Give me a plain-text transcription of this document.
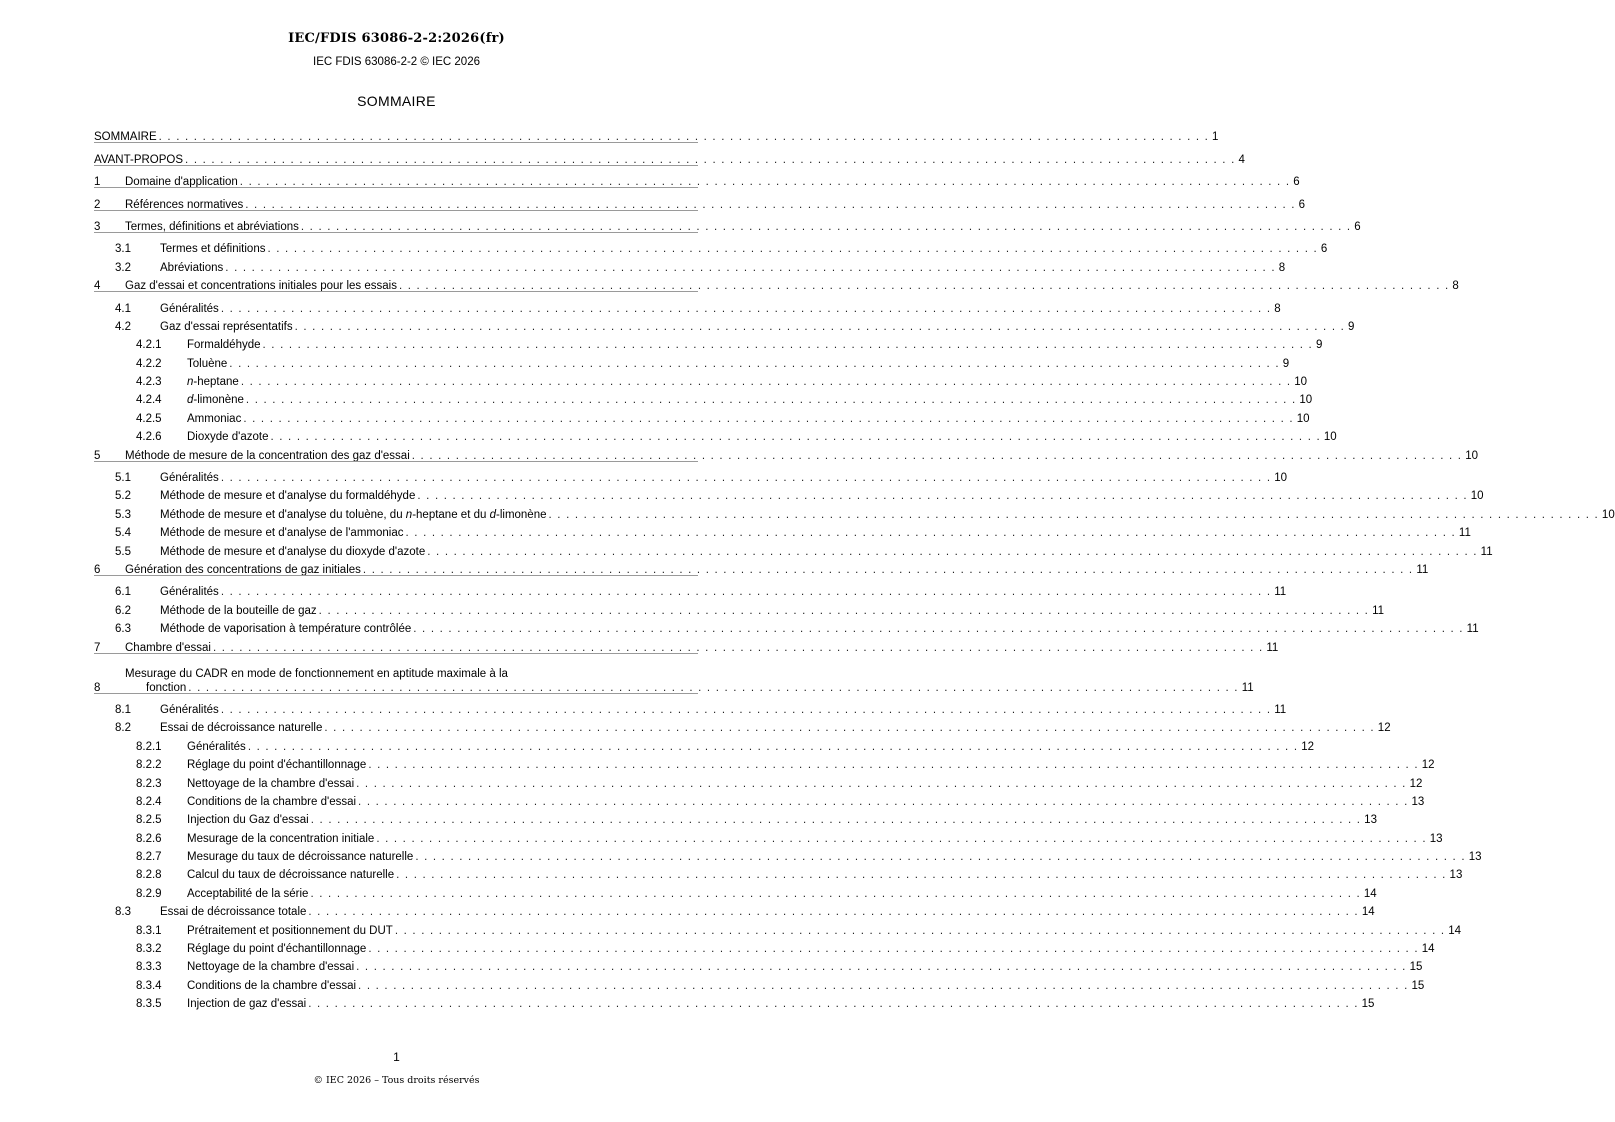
IEC/FDIS 63086-2-2:2026(fr)
IEC FDIS 63086-2-2 © IEC 2026
SOMMAIRE
SOMMAIRE . . . . . . . . . . . . . . . . . . . . . . . . . . . . . . . . . . . . . . . . . . . . . . . . . . . . . . . . . . . . . . . . . . . . . . . . . . . . . . . . . . . . . . . . . . . . . . . . . . . . . . . . . . . . . . . . . . . . . . . . 1
AVANT-PROPOS . . . . . . . . . . . . . . . . . . . . . . . . . . . . . . . . . . . . . . . . . . . . . . . . . . . . . . . . . . . . . . . . . . . . . . . . . . . . . . . . . . . . . . . . . . . . . . . . . . . . . . . . . . . . . . . . . . . . . . . . 4
1	Domaine d'application . . . . . . . . . . . . . . . . . . . . . . . . . . . . . . . . . . . . . . . . . . . . . . . . . . . . . . . . . . . . . . . . . . . . . . . . . . . . . . . . . . . . . . . . . . . . . . . . . . . . . . . . . . . . . . . . . . . . . . . . 6
2	Références normatives . . . . . . . . . . . . . . . . . . . . . . . . . . . . . . . . . . . . . . . . . . . . . . . . . . . . . . . . . . . . . . . . . . . . . . . . . . . . . . . . . . . . . . . . . . . . . . . . . . . . . . . . . . . . . . . . . . . . . . . . 6
3	Termes, définitions et abréviations . . . . . . . . . . . . . . . . . . . . . . . . . . . . . . . . . . . . . . . . . . . . . . . . . . . . . . . . . . . . . . . . . . . . . . . . . . . . . . . . . . . . . . . . . . . . . . . . . . . . . . . . . . . . . . . . . . . . . . . . 6
3.1	Termes et définitions . . . . . . . . . . . . . . . . . . . . . . . . . . . . . . . . . . . . . . . . . . . . . . . . . . . . . . . . . . . . . . . . . . . . . . . . . . . . . . . . . . . . . . . . . . . . . . . . . . . . . . . . . . . . . . . . . . . . . . . . 6
3.2	Abréviations . . . . . . . . . . . . . . . . . . . . . . . . . . . . . . . . . . . . . . . . . . . . . . . . . . . . . . . . . . . . . . . . . . . . . . . . . . . . . . . . . . . . . . . . . . . . . . . . . . . . . . . . . . . . . . . . . . . . . . . . 8
4	Gaz d'essai et concentrations initiales pour les essais . . . . . . . . . . . . . . . . . . . . . . . . . . . . . . . . . . . . . . . . . . . . . . . . . . . . . . . . . . . . . . . . . . . . . . . . . . . . . . . . . . . . . . . . . . . . . . . . . . . . . . . . . . . . . . . . . . . . . . . . 8
4.1	Généralités . . . . . . . . . . . . . . . . . . . . . . . . . . . . . . . . . . . . . . . . . . . . . . . . . . . . . . . . . . . . . . . . . . . . . . . . . . . . . . . . . . . . . . . . . . . . . . . . . . . . . . . . . . . . . . . . . . . . . . . . 8
4.2	Gaz d'essai représentatifs . . . . . . . . . . . . . . . . . . . . . . . . . . . . . . . . . . . . . . . . . . . . . . . . . . . . . . . . . . . . . . . . . . . . . . . . . . . . . . . . . . . . . . . . . . . . . . . . . . . . . . . . . . . . . . . . . . . . . . . . 9
4.2.1	Formaldéhyde . . . . . . . . . . . . . . . . . . . . . . . . . . . . . . . . . . . . . . . . . . . . . . . . . . . . . . . . . . . . . . . . . . . . . . . . . . . . . . . . . . . . . . . . . . . . . . . . . . . . . . . . . . . . . . . . . . . . . . . . 9
4.2.2	Toluène . . . . . . . . . . . . . . . . . . . . . . . . . . . . . . . . . . . . . . . . . . . . . . . . . . . . . . . . . . . . . . . . . . . . . . . . . . . . . . . . . . . . . . . . . . . . . . . . . . . . . . . . . . . . . . . . . . . . . . . . 9
4.2.3	n-heptane . . . . . . . . . . . . . . . . . . . . . . . . . . . . . . . . . . . . . . . . . . . . . . . . . . . . . . . . . . . . . . . . . . . . . . . . . . . . . . . . . . . . . . . . . . . . . . . . . . . . . . . . . . . . . . . . . . . . . . . . 10
4.2.4	d-limonène . . . . . . . . . . . . . . . . . . . . . . . . . . . . . . . . . . . . . . . . . . . . . . . . . . . . . . . . . . . . . . . . . . . . . . . . . . . . . . . . . . . . . . . . . . . . . . . . . . . . . . . . . . . . . . . . . . . . . . . . 10
4.2.5	Ammoniac . . . . . . . . . . . . . . . . . . . . . . . . . . . . . . . . . . . . . . . . . . . . . . . . . . . . . . . . . . . . . . . . . . . . . . . . . . . . . . . . . . . . . . . . . . . . . . . . . . . . . . . . . . . . . . . . . . . . . . . . 10
4.2.6	Dioxyde d'azote . . . . . . . . . . . . . . . . . . . . . . . . . . . . . . . . . . . . . . . . . . . . . . . . . . . . . . . . . . . . . . . . . . . . . . . . . . . . . . . . . . . . . . . . . . . . . . . . . . . . . . . . . . . . . . . . . . . . . . . . 10
5	Méthode de mesure de la concentration des gaz d'essai . . . . . . . . . . . . . . . . . . . . . . . . . . . . . . . . . . . . . . . . . . . . . . . . . . . . . . . . . . . . . . . . . . . . . . . . . . . . . . . . . . . . . . . . . . . . . . . . . . . . . . . . . . . . . . . . . . . . . . . . 10
5.1	Généralités . . . . . . . . . . . . . . . . . . . . . . . . . . . . . . . . . . . . . . . . . . . . . . . . . . . . . . . . . . . . . . . . . . . . . . . . . . . . . . . . . . . . . . . . . . . . . . . . . . . . . . . . . . . . . . . . . . . . . . . . 10
5.2	Méthode de mesure et d'analyse du formaldéhyde . . . . . . . . . . . . . . . . . . . . . . . . . . . . . . . . . . . . . . . . . . . . . . . . . . . . . . . . . . . . . . . . . . . . . . . . . . . . . . . . . . . . . . . . . . . . . . . . . . . . . . . . . . . . . . . . . . . . . . . . 10
5.3	Méthode de mesure et d'analyse du toluène, du n-heptane et du d-limonène . . . . . . . . . . . . . . . . . . . . . . . . . . . . . . . . . . . . . . . . . . . . . . . . . . . . . . . . . . . . . . . . . . . . . . . . . . . . . . . . . . . . . . . . . . . . . . . . . . . . . . . . . . . . . . . . . . . . . . . . 10
5.4	Méthode de mesure et d'analyse de l'ammoniac . . . . . . . . . . . . . . . . . . . . . . . . . . . . . . . . . . . . . . . . . . . . . . . . . . . . . . . . . . . . . . . . . . . . . . . . . . . . . . . . . . . . . . . . . . . . . . . . . . . . . . . . . . . . . . . . . . . . . . . . 11
5.5	Méthode de mesure et d'analyse du dioxyde d'azote . . . . . . . . . . . . . . . . . . . . . . . . . . . . . . . . . . . . . . . . . . . . . . . . . . . . . . . . . . . . . . . . . . . . . . . . . . . . . . . . . . . . . . . . . . . . . . . . . . . . . . . . . . . . . . . . . . . . . . . . 11
6	Génération des concentrations de gaz initiales . . . . . . . . . . . . . . . . . . . . . . . . . . . . . . . . . . . . . . . . . . . . . . . . . . . . . . . . . . . . . . . . . . . . . . . . . . . . . . . . . . . . . . . . . . . . . . . . . . . . . . . . . . . . . . . . . . . . . . . . 11
6.1	Généralités . . . . . . . . . . . . . . . . . . . . . . . . . . . . . . . . . . . . . . . . . . . . . . . . . . . . . . . . . . . . . . . . . . . . . . . . . . . . . . . . . . . . . . . . . . . . . . . . . . . . . . . . . . . . . . . . . . . . . . . . 11
6.2	Méthode de la bouteille de gaz . . . . . . . . . . . . . . . . . . . . . . . . . . . . . . . . . . . . . . . . . . . . . . . . . . . . . . . . . . . . . . . . . . . . . . . . . . . . . . . . . . . . . . . . . . . . . . . . . . . . . . . . . . . . . . . . . . . . . . . . 11
6.3	Méthode de vaporisation à température contrôlée . . . . . . . . . . . . . . . . . . . . . . . . . . . . . . . . . . . . . . . . . . . . . . . . . . . . . . . . . . . . . . . . . . . . . . . . . . . . . . . . . . . . . . . . . . . . . . . . . . . . . . . . . . . . . . . . . . . . . . . . 11
7	Chambre d'essai . . . . . . . . . . . . . . . . . . . . . . . . . . . . . . . . . . . . . . . . . . . . . . . . . . . . . . . . . . . . . . . . . . . . . . . . . . . . . . . . . . . . . . . . . . . . . . . . . . . . . . . . . . . . . . . . . . . . . . . . 11
8
Mesurage du CADR en mode de fonctionnement en aptitude maximale à la
fonction . . . . . . . . . . . . . . . . . . . . . . . . . . . . . . . . . . . . . . . . . . . . . . . . . . . . . . . . . . . . . . . . . . . . . . . . . . . . . . . . . . . . . . . . . . . . . . . . . . . . . . . . . . . . . . . . . . . . . . . . 11
8.1	Généralités . . . . . . . . . . . . . . . . . . . . . . . . . . . . . . . . . . . . . . . . . . . . . . . . . . . . . . . . . . . . . . . . . . . . . . . . . . . . . . . . . . . . . . . . . . . . . . . . . . . . . . . . . . . . . . . . . . . . . . . . 11
8.2	Essai de décroissance naturelle . . . . . . . . . . . . . . . . . . . . . . . . . . . . . . . . . . . . . . . . . . . . . . . . . . . . . . . . . . . . . . . . . . . . . . . . . . . . . . . . . . . . . . . . . . . . . . . . . . . . . . . . . . . . . . . . . . . . . . . . 12
8.2.1	Généralités . . . . . . . . . . . . . . . . . . . . . . . . . . . . . . . . . . . . . . . . . . . . . . . . . . . . . . . . . . . . . . . . . . . . . . . . . . . . . . . . . . . . . . . . . . . . . . . . . . . . . . . . . . . . . . . . . . . . . . . . 12
8.2.2	Réglage du point d'échantillonnage . . . . . . . . . . . . . . . . . . . . . . . . . . . . . . . . . . . . . . . . . . . . . . . . . . . . . . . . . . . . . . . . . . . . . . . . . . . . . . . . . . . . . . . . . . . . . . . . . . . . . . . . . . . . . . . . . . . . . . . . 12
8.2.3	Nettoyage de la chambre d'essai . . . . . . . . . . . . . . . . . . . . . . . . . . . . . . . . . . . . . . . . . . . . . . . . . . . . . . . . . . . . . . . . . . . . . . . . . . . . . . . . . . . . . . . . . . . . . . . . . . . . . . . . . . . . . . . . . . . . . . . . 12
8.2.4	Conditions de la chambre d'essai . . . . . . . . . . . . . . . . . . . . . . . . . . . . . . . . . . . . . . . . . . . . . . . . . . . . . . . . . . . . . . . . . . . . . . . . . . . . . . . . . . . . . . . . . . . . . . . . . . . . . . . . . . . . . . . . . . . . . . . . 13
8.2.5	Injection du Gaz d'essai . . . . . . . . . . . . . . . . . . . . . . . . . . . . . . . . . . . . . . . . . . . . . . . . . . . . . . . . . . . . . . . . . . . . . . . . . . . . . . . . . . . . . . . . . . . . . . . . . . . . . . . . . . . . . . . . . . . . . . . . 13
8.2.6	Mesurage de la concentration initiale . . . . . . . . . . . . . . . . . . . . . . . . . . . . . . . . . . . . . . . . . . . . . . . . . . . . . . . . . . . . . . . . . . . . . . . . . . . . . . . . . . . . . . . . . . . . . . . . . . . . . . . . . . . . . . . . . . . . . . . . 13
8.2.7	Mesurage du taux de décroissance naturelle . . . . . . . . . . . . . . . . . . . . . . . . . . . . . . . . . . . . . . . . . . . . . . . . . . . . . . . . . . . . . . . . . . . . . . . . . . . . . . . . . . . . . . . . . . . . . . . . . . . . . . . . . . . . . . . . . . . . . . . . 13
8.2.8	Calcul du taux de décroissance naturelle . . . . . . . . . . . . . . . . . . . . . . . . . . . . . . . . . . . . . . . . . . . . . . . . . . . . . . . . . . . . . . . . . . . . . . . . . . . . . . . . . . . . . . . . . . . . . . . . . . . . . . . . . . . . . . . . . . . . . . . . 13
8.2.9	Acceptabilité de la série . . . . . . . . . . . . . . . . . . . . . . . . . . . . . . . . . . . . . . . . . . . . . . . . . . . . . . . . . . . . . . . . . . . . . . . . . . . . . . . . . . . . . . . . . . . . . . . . . . . . . . . . . . . . . . . . . . . . . . . . 14
8.3	Essai de décroissance totale . . . . . . . . . . . . . . . . . . . . . . . . . . . . . . . . . . . . . . . . . . . . . . . . . . . . . . . . . . . . . . . . . . . . . . . . . . . . . . . . . . . . . . . . . . . . . . . . . . . . . . . . . . . . . . . . . . . . . . . . 14
8.3.1	Prétraitement et positionnement du DUT . . . . . . . . . . . . . . . . . . . . . . . . . . . . . . . . . . . . . . . . . . . . . . . . . . . . . . . . . . . . . . . . . . . . . . . . . . . . . . . . . . . . . . . . . . . . . . . . . . . . . . . . . . . . . . . . . . . . . . . . 14
8.3.2	Réglage du point d'échantillonnage . . . . . . . . . . . . . . . . . . . . . . . . . . . . . . . . . . . . . . . . . . . . . . . . . . . . . . . . . . . . . . . . . . . . . . . . . . . . . . . . . . . . . . . . . . . . . . . . . . . . . . . . . . . . . . . . . . . . . . . . 14
8.3.3	Nettoyage de la chambre d'essai . . . . . . . . . . . . . . . . . . . . . . . . . . . . . . . . . . . . . . . . . . . . . . . . . . . . . . . . . . . . . . . . . . . . . . . . . . . . . . . . . . . . . . . . . . . . . . . . . . . . . . . . . . . . . . . . . . . . . . . . 15
8.3.4	Conditions de la chambre d'essai . . . . . . . . . . . . . . . . . . . . . . . . . . . . . . . . . . . . . . . . . . . . . . . . . . . . . . . . . . . . . . . . . . . . . . . . . . . . . . . . . . . . . . . . . . . . . . . . . . . . . . . . . . . . . . . . . . . . . . . . 15
8.3.5	Injection de gaz d'essai . . . . . . . . . . . . . . . . . . . . . . . . . . . . . . . . . . . . . . . . . . . . . . . . . . . . . . . . . . . . . . . . . . . . . . . . . . . . . . . . . . . . . . . . . . . . . . . . . . . . . . . . . . . . . . . . . . . . . . . . 15
1
© IEC 2026 – Tous droits réservés
